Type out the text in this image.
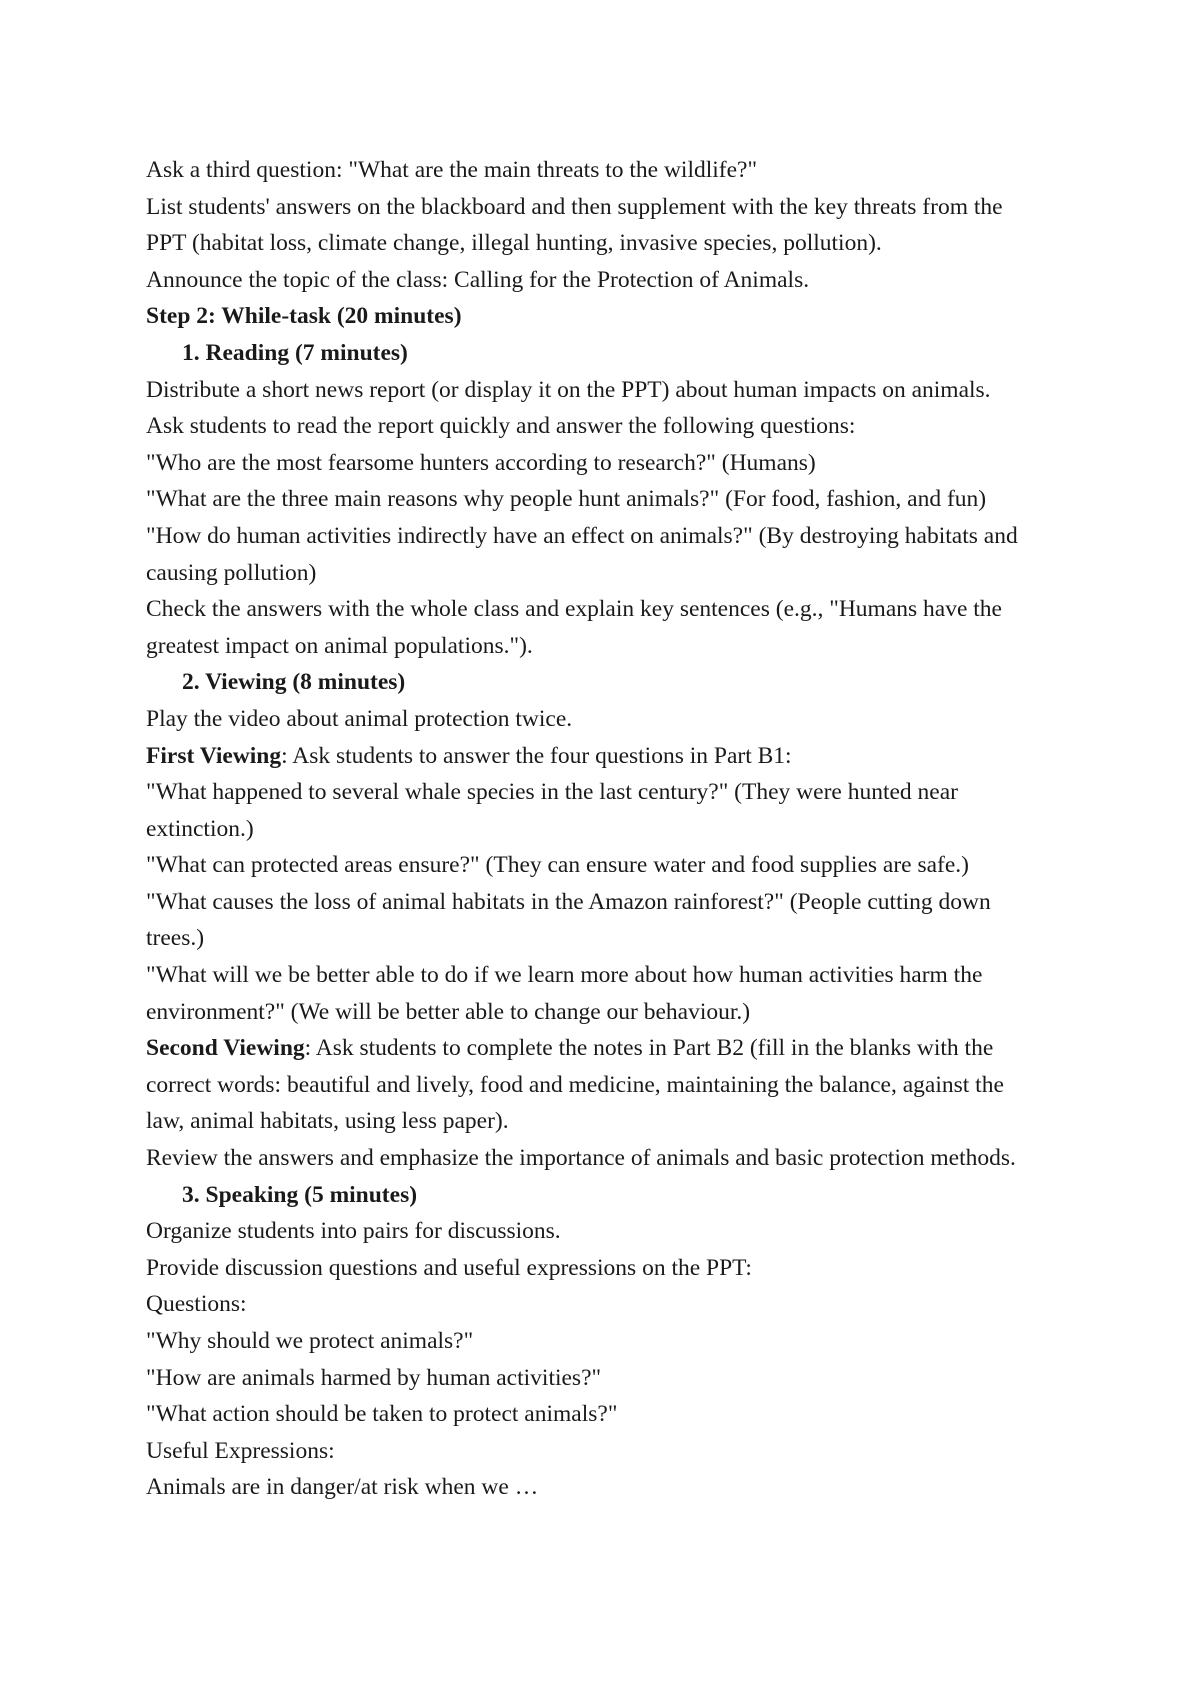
Ask a third question: "What are the main threats to the wildlife?"

List students' answers on the blackboard and then supplement with the key threats from the PPT (habitat loss, climate change, illegal hunting, invasive species, pollution).

Announce the topic of the class: Calling for the Protection of Animals.

Step 2: While-task (20 minutes)

1. Reading (7 minutes)

Distribute a short news report (or display it on the PPT) about human impacts on animals.

Ask students to read the report quickly and answer the following questions:

"Who are the most fearsome hunters according to research?" (Humans)

"What are the three main reasons why people hunt animals?" (For food, fashion, and fun)

"How do human activities indirectly have an effect on animals?" (By destroying habitats and causing pollution)

Check the answers with the whole class and explain key sentences (e.g., "Humans have the greatest impact on animal populations.").

2. Viewing (8 minutes)

Play the video about animal protection twice.

First Viewing: Ask students to answer the four questions in Part B1:

"What happened to several whale species in the last century?" (They were hunted near extinction.)

"What can protected areas ensure?" (They can ensure water and food supplies are safe.)

"What causes the loss of animal habitats in the Amazon rainforest?" (People cutting down trees.)

"What will we be better able to do if we learn more about how human activities harm the environment?" (We will be better able to change our behaviour.)

Second Viewing: Ask students to complete the notes in Part B2 (fill in the blanks with the correct words: beautiful and lively, food and medicine, maintaining the balance, against the law, animal habitats, using less paper).

Review the answers and emphasize the importance of animals and basic protection methods.

3. Speaking (5 minutes)

Organize students into pairs for discussions.

Provide discussion questions and useful expressions on the PPT:

Questions:

"Why should we protect animals?"

"How are animals harmed by human activities?"

"What action should be taken to protect animals?"

Useful Expressions:

Animals are in danger/at risk when we …
